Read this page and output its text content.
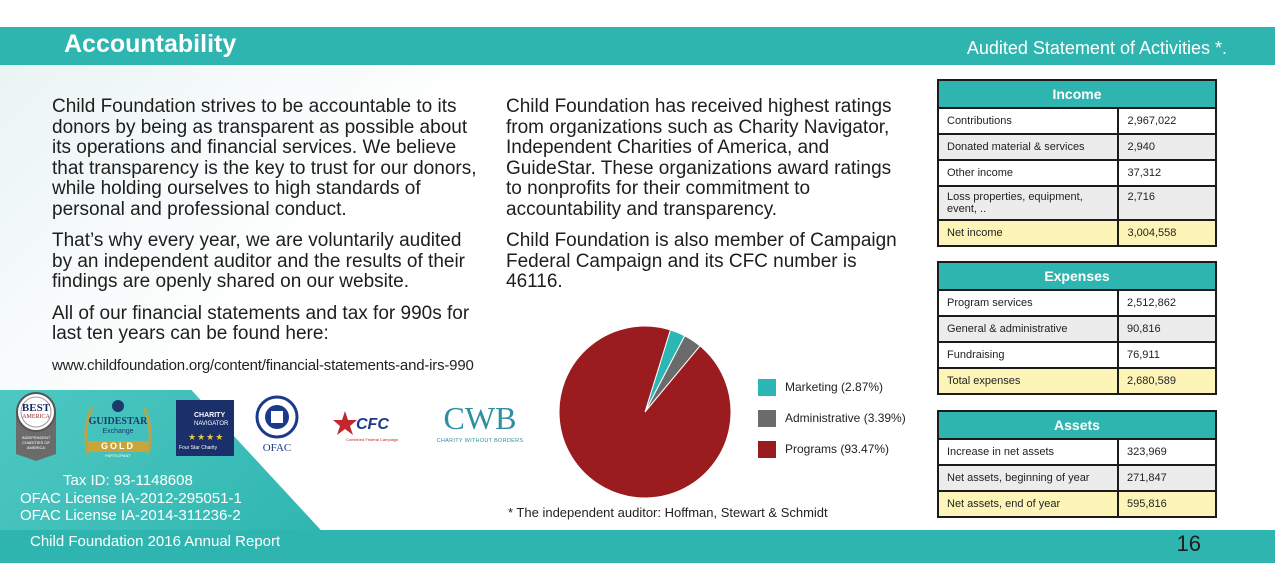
Accountability	Audited Statement of Activities *.

Child Foundation strives to be accountable to its donors by being as transparent as possible about its operations and financial services. We believe that transparency is the key to trust for our donors, while holding ourselves to high standards of personal and professional conduct.

That’s why every year, we are voluntarily audited by an independent auditor and the results of their findings are openly shared on our website.

All of our financial statements and tax for 990s for last ten years can be found here:

www.childfoundation.org/content/financial-statements-and-irs-990

Child Foundation has received highest ratings from organizations such as Charity Navigator, Independent Charities of America, and GuideStar. These organizations award ratings to nonprofits for their commitment to accountability and transparency.

Child Foundation is also member of Campaign Federal Campaign and its CFC number is 46116.

BEST
AMERICA
INDEPENDENT CHARITIES OF AMERICA
GUIDESTAR
Exchange
GOLD
PARTICIPANT
CHARITY
NAVIGATOR
★★★★
Four Star Charity	OFAC
CFC
Combined Federal Campaign
CWB
CHARITY WITHOUT BORDERS
Tax ID: 93-1148608
OFAC License IA-2012-295051-1
OFAC License IA-2014-311236-2
Marketing (2.87%)
Administrative (3.39%)
Programs (93.47%)
* The independent auditor: Hoffman, Stewart & Schmidt
Income	
Contributions	2,967,022
Donated material & services	2,940
Other income	37,312
Loss properties, equipment, event, ..	2,716
Net income	3,004,558
Expenses	
Program services	2,512,862
General & administrative	90,816
Fundraising	76,911
Total expenses	2,680,589
Assets	
Increase in net assets	323,969
Net assets, beginning of year	271,847
Net assets, end of year	595,816
Child Foundation 2016 Annual Report	16
